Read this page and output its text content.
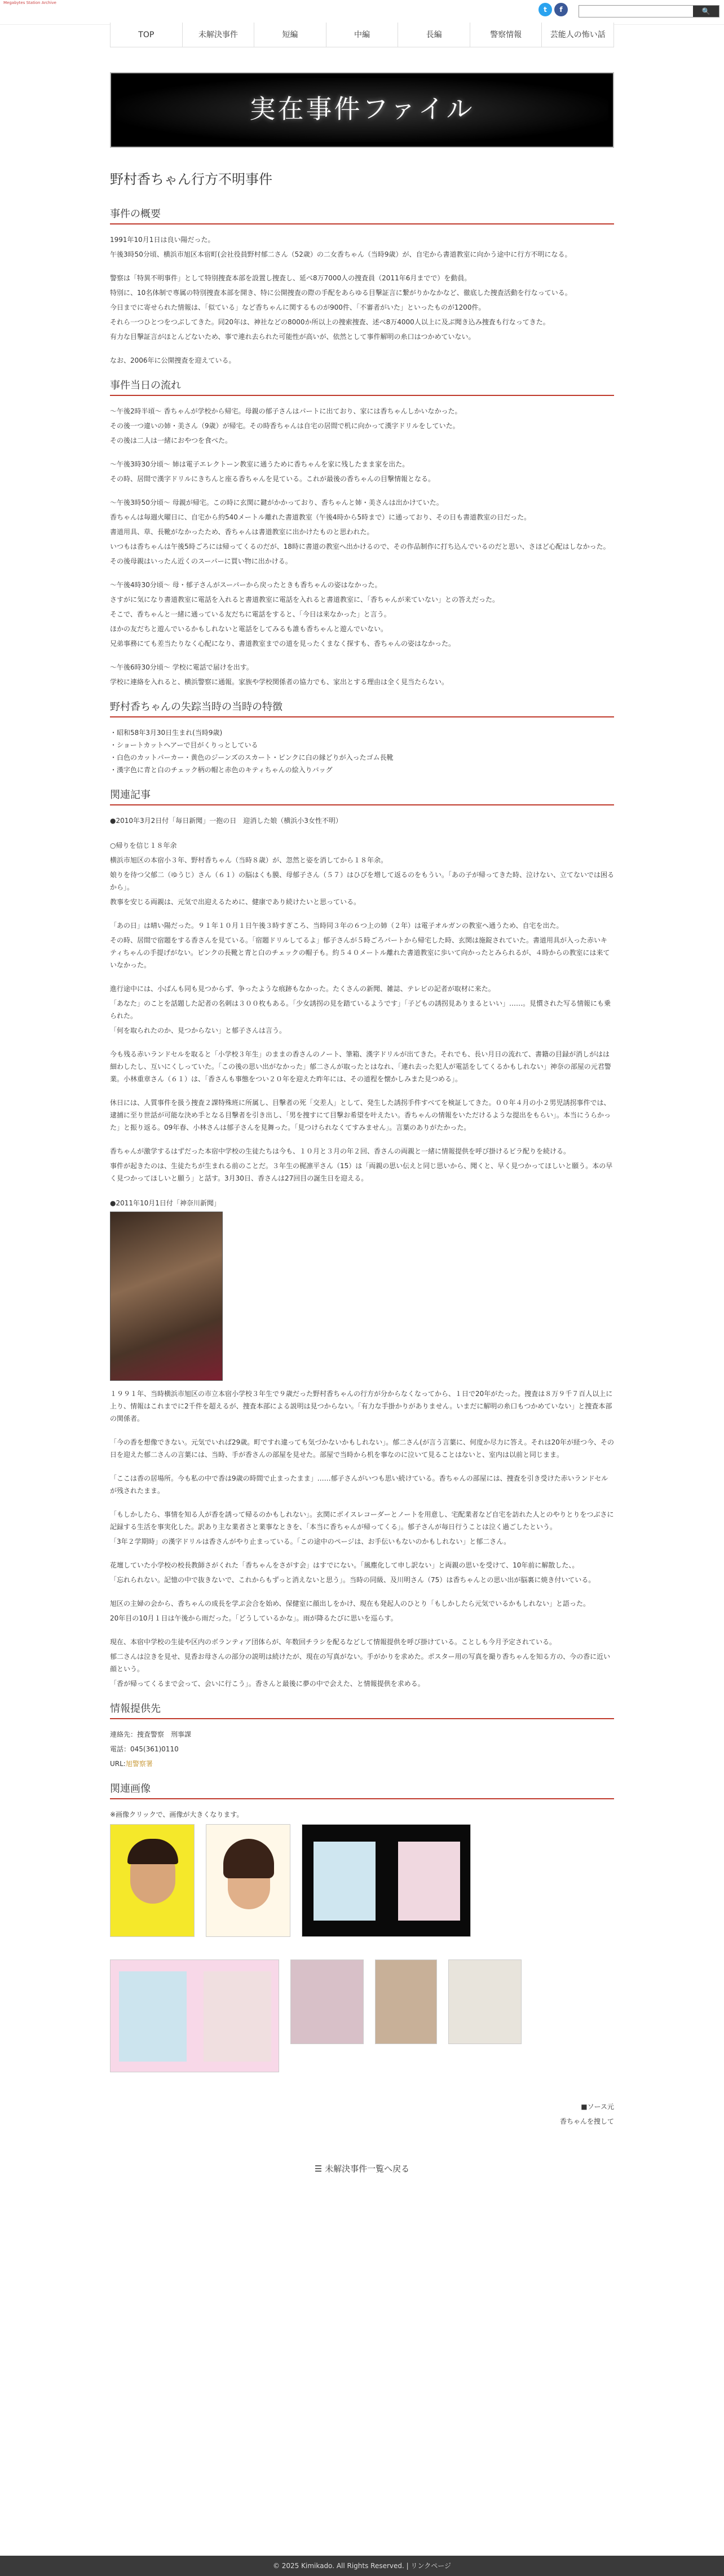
Megabytes Station Archive
t	f	🔍
TOP	未解決事件	短編	中編	長編	警察情報	芸能人の怖い話
実在事件ファイル
野村香ちゃん行方不明事件
事件の概要

1991年10月1日は良い陽だった。

午後3時50分頃、横浜市旭区本宿町(会社役員野村郁二さん（52歳）の二女香ちゃん（当時9歳）が、自宅から書道教室に向かう途中に行方不明になる。

警察は「特異不明事件」として特別捜査本部を設置し捜査し、延べ8万7000人の捜査員（2011年6月までで）を動員。

特別に、10名体制で専属の特別捜査本部を開き、特に公開捜査の際の手配をあらゆる目撃証言に繋がりかなかなど、徹底した捜査活動を行なっている。

今日までに寄せられた情報は、「似ている」など香ちゃんに関するものが900件、「不審者がいた」といったものが1200件。

それら一つひとつをつぶしてきた。同20年は、神社などの8000か所以上の捜索捜査、述べ8万4000人以上に及ぶ聞き込み捜査も行なってきた。

有力な目撃証言がほとんどないため、事で連れ去られた可能性が高いが、依然として事件解明の糸口はつかめていない。

なお、2006年に公開捜査を迎えている。

事件当日の流れ

～午後2時半頃～ 香ちゃんが学校から帰宅。母親の郁子さんはパートに出ており、家には香ちゃんしかいなかった。

その後一つ違いの姉・美さん（9歳）が帰宅。その時香ちゃんは自宅の居間で机に向かって漢字ドリルをしていた。

その後は二人は一緒におやつを食べた。

～午後3時30分頃～ 姉は電子エレクトーン教室に通うために香ちゃんを家に残したまま家を出た。

その時、居間で漢字ドリルにきちんと座る香ちゃんを見ている。これが最後の香ちゃんの目撃情報となる。

～午後3時50分頃～ 母親が帰宅。この時に玄関に鍵がかかっており、香ちゃんと姉・美さんは出かけていた。

香ちゃんは毎週火曜日に、自宅から約540メートル離れた書道教室（午後4時から5時まで）に通っており、その日も書道教室の日だった。

書道用具、草、長靴がなかったため、香ちゃんは書道教室に出かけたものと思われた。

いつもは香ちゃんは午後5時ごろには帰ってくるのだが、18時に書道の教室へ出かけるので、その作品制作に打ち込んでいるのだと思い、さほど心配はしなかった。

その後母親はいったん近くのスーパーに買い物に出かける。

～午後4時30分頃～ 母・郁子さんがスーパーから戻ったときも香ちゃんの姿はなかった。

さすがに気になり書道教室に電話を入れると書道教室に電話を入れると書道教室に、「香ちゃんが来ていない」との答えだった。

そこで、香ちゃんと一緒に通っている友だちに電話をすると、「今日は来なかった」と言う。

ほかの友だちと遊んでいるかもしれないと電話をしてみるも誰も香ちゃんと遊んでいない。

兄弟事務にても差当たりなく心配になり、書道教室までの道を見ったくまなく探すも、香ちゃんの姿はなかった。

～午後6時30分頃～ 学校に電話で届けを出す。

学校に連絡を入れると、横浜警察に通報。家族や学校関係者の協力でも、家出とする理由は全く見当たらない。

野村香ちゃんの失踪当時の当時の特徴
・昭和58年3月30日生まれ(当時9歳)
・ショートカットヘアーで目がくりっとしている
・白色のカットパーカー・黄色のジーンズのスカート・ピンクに白の縁どりが入ったゴム長靴
・漢字色に青と白のチェック柄の帽と赤色のキティちゃんの絵入りバッグ
関連記事

●2010年3月2日付「毎日新聞」一抱の日　迎消した娘（横浜小3女性不明）

○帰りを信じ１８年余

横浜市旭区の本宿小３年、野村香ちゃん（当時８歳）が、忽然と姿を消してから１８年余。

娘りを待つ父郁二（ゆうじ）さん（６１）の脳はくも膜、母郁子さん（５７）はひびを増して返るのをもうい。「あの子が帰ってきた時、泣けない、立てないでは困るから」。

教事を安じる両親は、元気で出迎えるために、健康であり続けたいと思っている。

「あの日」は晴い陽だった。９１年１０月１日午後３時すぎころ、当時同３年の６つ上の姉（２年）は電子オルガンの教室へ通うため、自宅を出た。

その時、居間で宿題をする香さんを見ている。「宿題ドリルしてるよ」郁子さんが５時ごろパートから帰宅した時、玄関は施錠されていた。書道用具が入った赤いキティちゃんの手提げがない。ピンクの長靴と青と白のチェックの帽子も。約５４０メートル離れた書道教室に歩いて向かったとみられるが、４時からの教室には来ていなかった。

進行途中には、小ばんも同も見つからず、争ったような痕跡もなかった。たくさんの新聞、雑誌、テレビの記者が取材に来た。

「あなた」のことを話題した記者の名刺は３００枚もある。「少女誘拐の見を踏ているようです」「子どもの誘拐見ありまるといい」……。見慣された写る情報にも乗られた。

「何を取られたのか、見つからない」と郁子さんは言う。

今も残る赤いランドセルを取ると「小学校３年生」のままの香さんのノート、筆箱、漢字ドリルが出てきた。それでも、長い月日の流れて、書籍の目録が消しがはは細わしたし、互いにくしっていた。「この後の思い出がなかった」郁二さんが取ったとはなれ、「連れ去った犯人が電話をしてくるかもしれない」神奈の部屋の元君警業。小林重章さん（６１）は、「香さんも事態をつい２０年を迎えた昨年には、その道程を懐かしみまた見つめる」。

休日には、人質事件を扱う捜査２課特殊班に所属し、目撃者の死「交差人」として、発生した誘拐手件すべてを検証してきた。００年４月の小２男児誘拐事件では、逮捕に至り世話が可能な決め手となる目撃者を引き出し、「男を捜すにて目撃お希望を叶えたい。香ちゃんの情報をいただけるような提出をもらい」。本当にうらかった」と振り返る。09年春、小林さんは郁子さんを見舞った。「見つけられなくてすみません」。言葉のありがたかった。

香ちゃんが激学するはずだった本宿中学校の生徒たちは今も、１０月と３月の年２回、香さんの両親と一緒に情報提供を呼び掛けるビラ配りを続ける。

事件が起きたのは、生徒たちが生まれる前のことだ。３年生の梶凛平さん（15）は「両親の思い伝えと同じ思いから、聞くと、早く見つかってほしいと願う。本の早く見つかってほしいと願う」と話す。3月30日、香さんは27回目の誕生日を迎える。

●2011年10月1日付「神奈川新聞」

１９９１年、当時横浜市旭区の市立本宿小学校３年生で９歳だった野村香ちゃんの行方が分からなくなってから、１日で20年がたった。捜査は８万９千７百人以上に上り、情報はこれまでに2千件を超えるが、捜査本部による説明は見つからない。「有力な手掛かりがありません。いまだに解明の糸口もつかめていない」と捜査本部の関係者。

「今の香を想像できない。元気でいれば29歳。町ですれ違っても気づかないかもしれない」。郁二さん(が言う言葉に、何度か尽力に答え。それは20年が経つ今、その日を迎えた郁二さんの言葉には、当時、手が香さんの部屋を見せた。部屋で当時から机を事なのに泣いて見ることはないと、室内は以前と同じまま。

「ここは香の居場所。今も私の中で香は9歳の時間で止まったまま」……郁子さんがいつも思い続けている。香ちゃんの部屋には、捜査を引き受けた赤いランドセルが残されたまま。

「もしかしたら、事情を知る人が香を誘って帰るのかもしれない」。玄関にボイスレコーダーとノートを用意し、宅配業者など自宅を訪れた人とのやりとりをつぶさに記録する生活を事実化した。訳あり主な業者さと業事なときを、「本当に香ちゃんが帰ってくる」。郁子さんが毎日行うことは泣く過ごしたという。

「3年２学期時」の漢字ドリルは香さんがやり止まっている。「この途中のページは、お手伝いもないのかもしれない」と郁二さん。

花壇していた小学校の校長教師さがくれた「香ちゃんをさがす会」はすでにない。「風塵化して申し訳ない」と両親の思いを受けて、10年前に解散した、。

「忘れられない。記憶の中で抜きないで、これからもずっと消えないと思う」。当時の同級、及川明さん（75）は香ちゃんとの思い出が脳裏に焼き付いている。

旭区の主婦の会から、香ちゃんの成長を学ぶ会合を始め、保健室に顔出しをかけ、現在も発起人のひとり「もしかしたら元気でいるかもしれない」と語った。

20年目の10月１日は午後から雨だった。「どうしているかな」。雨が降るたびに思いを巡らす。

現在、本宿中学校の生徒や区内のボランティア団体らが、年数回チラシを配るなどして情報提供を呼び掛けている。ことしも今月予定されている。

郁二さんは泣きを見せ、見香お母さんの部分の説明は続けたが、現在の写真がない。手がかりを求めた。ポスター用の写真を撮り香ちゃんを知る方の、今の香に近い顔という。

「香が帰ってくるまで会って、会いに行こう」。香さんと最後に夢の中で会えた、と情報提供を求める。

情報提供先

連絡先：捜査警察　刑事課

電話：045(361)0110

URL:旭警察署

関連画像

※画像クリックで、画像が大きくなります。

■ソース元

香ちゃんを捜して

☰ 未解決事件一覧へ戻る
© 2025 Kimikado. All Rights Reserved. | リンクページ
